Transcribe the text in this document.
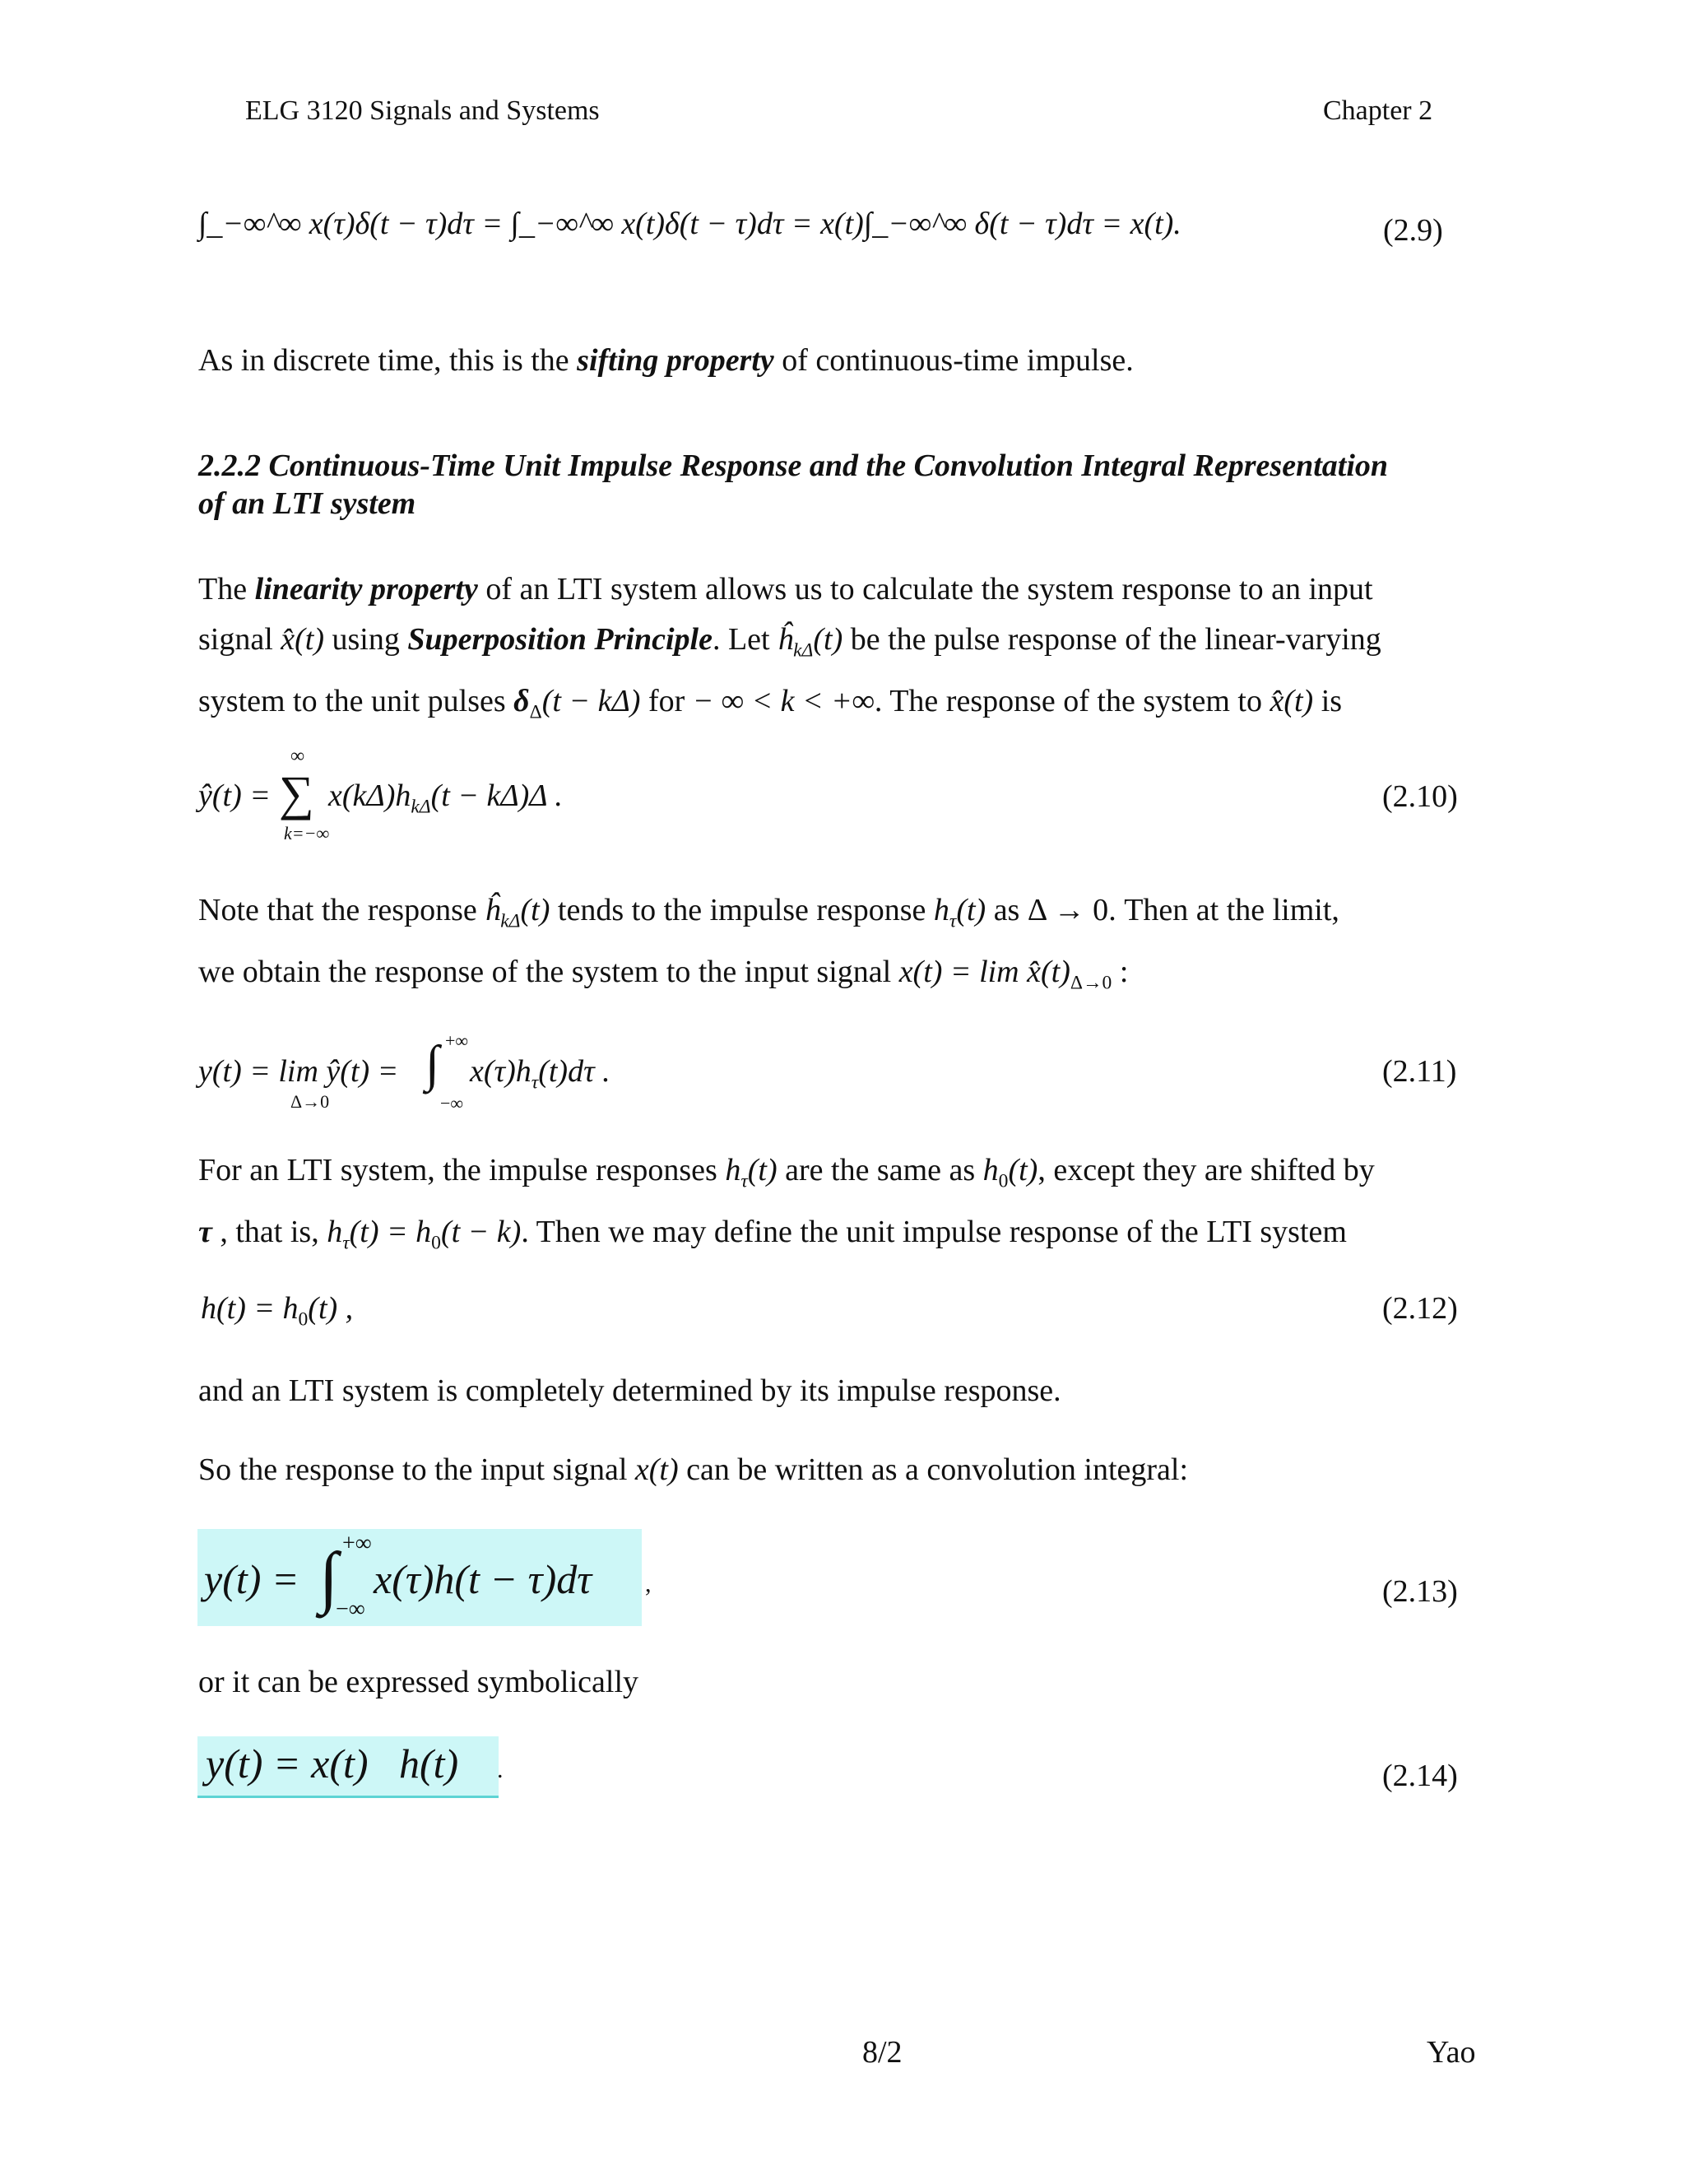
ELG 3120 Signals and Systems	Chapter 2
∫_−∞^∞ x(τ)δ(t − τ)dτ = ∫_−∞^∞ x(t)δ(t − τ)dτ = x(t)∫_−∞^∞ δ(t − τ)dτ = x(t).	(2.9)
As in discrete time, this is the sifting property of continuous-time impulse.
2.2.2 Continuous-Time Unit Impulse Response and the Convolution Integral Representation
of an LTI system
The linearity property of an LTI system allows us to calculate the system response to an input
signal x̂(t) using Superposition Principle. Let $ĥ_{k\Delta}(t)$ be the pulse response of the linear-varying
system to the unit pulses $\delta_\Delta(t - k\Delta)$ for − ∞ < k < +∞. The response of the system to x̂(t) is
ŷ(t) =
∞
∑
k=−∞
$x(k\Delta)h_{k\Delta}(t - k\Delta)\Delta$ .	(2.10)
Note that the response $ĥ_{k\Delta}(t)$ tends to the impulse response $h_\tau(t)$ as Δ → 0. Then at the limit,
we obtain the response of the system to the input signal $x(t) = \lim x̂(t)_{\Delta\to 0}$ :
y(t) = lim ŷ(t) =
Δ→0
∫ +∞
−∞
$x(\tau)h_\tau(t)d\tau$ .	(2.11)
For an LTI system, the impulse responses $h_\tau(t)$ are the same as $h_0(t)$, except they are shifted by
τ , that is, $h_\tau(t) = h_0(t - k)$. Then we may define the unit impulse response of the LTI system
$h(t) = h_0(t)$ ,	(2.12)
and an LTI system is completely determined by its impulse response.
So the response to the input signal x(t) can be written as a convolution integral:
y(t) = ∫ +∞
−∞
x(τ)h(t − τ)dτ ,	(2.13)
or it can be expressed symbolically
y(t) = x(t)   h(t) .	(2.14)
8/2	Yao
